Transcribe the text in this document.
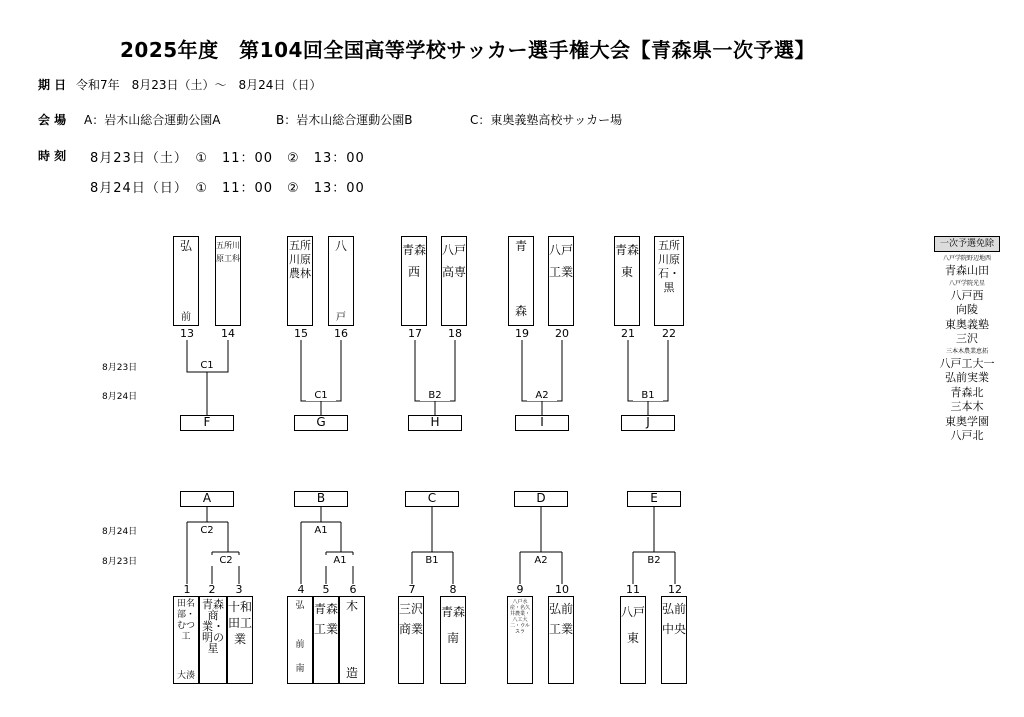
2025年度　第104回全国高等学校サッカー選手権大会【青森県一次予選】
期 日 令和7年　8月23日（土）～　8月24日（日）
会 場 A：岩木山総合運動公園A	B：岩木山総合運動公園B	C：東奥義塾高校サッカー場
時 刻 8月23日（土）　①　11：00　②　13：00
8月24日（日）　①　11：00　②　13：00
8月23日
8月24日
8月24日
8月23日
弘
前
五所川原工科
五所川原農林
八
戸
青森西
八戸高専
青
森
八戸工業
青森東
五所川原石・黒
13	14	15	16	17	18	19	20	21	22
C1
C1	B2	A2	B1
F	G	H	I	J
A	B	C	D	E
C2
C2
A1
A1	B1	A2	B2
1	2	3	4	5	6	7	8	9	10	11	12
田名部・むつ工
大湊
青森商業・明の星
十和田工業
弘
前 南
青森工業
木
造
三沢商業
青森南
八戸水産・名久井農業・八工大二・ウルスラ
弘前工業
八戸東
弘前中央
一次予選免除
八戸学院野辺地西
青森山田
八戸学院光星
八戸西
向陵
東奥義塾
三沢
三本木農業恵拓
八戸工大一
弘前実業
青森北
三本木
東奥学園
八戸北
